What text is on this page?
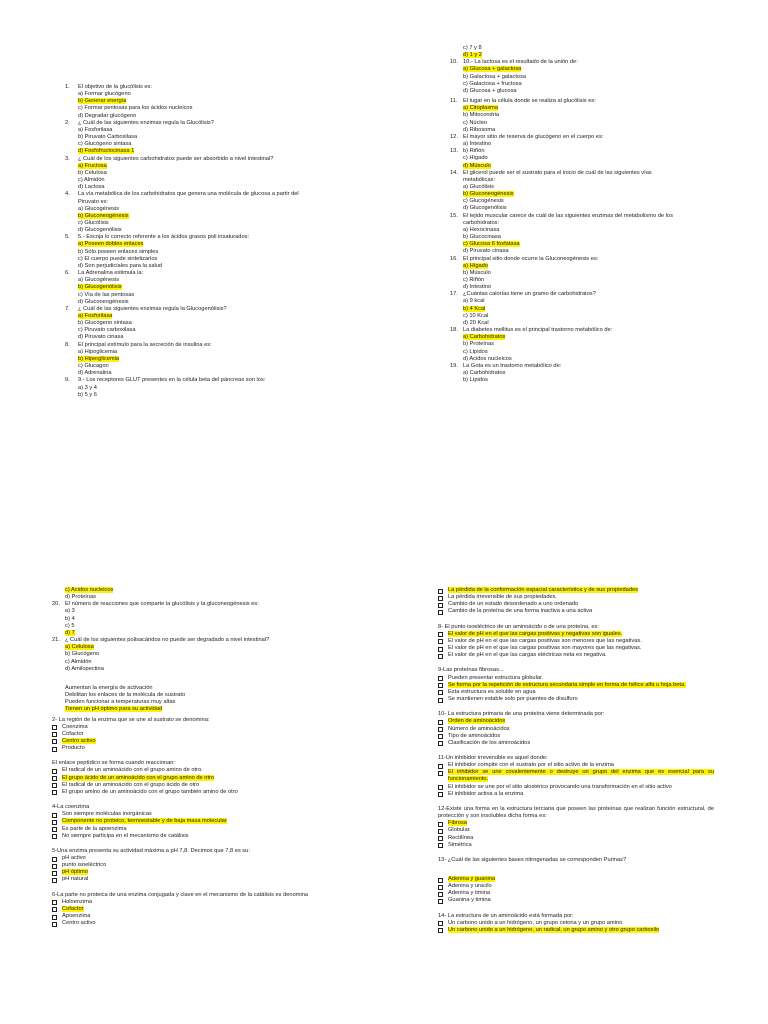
1. El objetivo de la glucólisis es:
a) Formar glucógeno
b) Generar energía
c) Formar pentosas para los ácidos nucleicos
d) Degradar glucógeno
2. ¿ Cuál de las siguientes enzimas regula la Glucólisis?
a) Fosforilasa
b) Piruvato Carboxilasa
c) Glucógeno sintasa
d) Fosfofructocinasa 1
3. ¿ Cuál de los siguientes carbohidratos puede ser absorbido a nivel intestinal?
a) Fructosa
b) Celulosa
c) Almidón
d) Lactosa
4. La vía metabólica de los carbohidratos que genera una molécula de glucosa a partir del
Piruvato es:
a) Glucogénesis
b) Gluconeogénesis
c) Glucólisis
d) Glucogenólisis
5. 5.- Escoja lo correcto referente a los ácidos grasos poli insaturados:
a) Poseen dobles enlaces
b) Sólo poseen enlaces simples
c) El cuerpo puede sintetizarlos
d) Son perjudiciales para la salud
6. La Adrenalina estimula la:
a) Glucogénesis
b) Glucogenólisis
c) Vía de las pentosas
d) Gluconeogénesis
7. ¿ Cuál de las siguientes enzimas regula la Glucogenólisis?
a) Fosforilasa
b) Glucógeno sintasa
c) Piruvato carboxilasa
d) Piruvato cinasa
8. El principal estímulo para la secreción de insulina es:
a) Hipoglicemia
b) Hiperglicemia
c) Glucagon
d) Adrenalina
9. 9.- Los receptores GLUT presentes en la célula beta del páncreas son los:
a) 3 y 4
b) 5 y 6
c) 7 y 8
d) 1 y 2
10. 10.- La lactosa es el resultado de la unión de:
a) Glucosa + galactosa
b) Galactosa + galactosa
c) Galactosa + fructosa
d) Glucosa + glucosa
11. El lugar en la célula donde se realiza al glucólisis es:
a) Citoplasma
b) Mitocondria
c) Núcleo
d) Ribosoma
12. El mayor sitio de reserva de glucógeno en el cuerpo es:
a) Intestino
13. b) Riñón
c) Hígado
d) Músculo
14. El glicerol puede ser el sustrato para el inicio de cuál de las siguientes vías
metabólicas:
a) Glucólisis
b) Gluconeogénesis
c) Glucogénesis
d) Glucogenólisis
15. El tejido muscular carece de cuál de las siguientes enzimas del metabolismo de los
carbohidratos:
a) Hexocinasa
b) Glucocinasa
c) Glucosa 6 fosfatasa
d) Piruvato cinasa
16. El principal sitio donde ocurre la Gluconeogénesis es:
a) Hígado
b) Músculo
c) Riñón
d) Intestino
17. ¿Cuántas calorías tiene un gramo de carbohidratos?
a) 9 kcal
b) 4 Kcal
c) 10 Kcal
d) 20 Kcal
18. La diabetes mellitus es el principal trastorno metabólico de:
a) Carbohidratos
b) Proteínas
c) Lípidos
d) Acidos nucleicos
19. La Gota es un trastorno metabólico de:
a) Carbohidratos
b) Lípidos
c) Acidos nucleicos
d) Proteínas
20. El número de reacciones que comparte la glucólisis y la gluconeogénesis es:
a) 3
b) 4
c) 5
d) 7
21. ¿ Cuál de los siguientes polisacáridos no puede ser degradado a nivel intestinal?
a) Celulosa
b) Glucógeno
c) Almidón
d) Amilopectina
Aumentan la energía de activación
Debilitan los enlaces de la molécula de sustrato
Pueden funcionar a temperaturas muy altas
Tienen un pH óptimo para su actividad
2- La región de la enzima que se une al sustrato se denomina:
Coenzima
Cofactor
Centro activo
Producto
El enlace peptídico se forma cuando reaccionan:
El radical de un aminoácido con el grupo amino de otro.
El grupo ácido de un aminoácido con el grupo amino de otro
El radical de un aminoácido con el grupo ácido de otro
El grupo amino de un aminoácido con el grupo también amino de otro
4-La coenzima
Son siempre moléculas inorgánicas
Componente no proteico, termoestable y de baja masa molecular
Es parte de la apoenzima
No siempre participa en el mecanismo de catálisis
5-Una enzima presenta su actividad máxima a pH 7,8. Decimos que 7,8 es su:
pH activo
punto isoeléctrico
pH óptimo
pH natural
6-La parte no proteica de una enzima conjugada y clave en el mecanismo de la catálisis es denomina
Holoenzima
Cofactor
Apoenzima
Centro activo
La pérdida de la conformación espacial característica y de sus propiedades
La pérdida irreversible de sus propiedades.
Cambio de un estado desordenado a uno ordenado
Cambio de la proteína de una forma inactiva a una activa
8- El punto isoeléctrico de un aminoácido o de una proteína, es:
El valor de pH en el que las cargas positivas y negativas son iguales.
El valor de pH en el que las cargas positivas son menores que las negativas.
El valor de pH en el que las cargas positivas son mayores que las negativas.
El valor de pH en el que las cargas eléctricas neta es negativa.
9-Las proteínas fibrosas...
Pueden presentar estructura globular.
Se forma por la repetición de estructura secundaria simple en forma de hélice alfa u hoja beta.
Esta estructura es soluble en agua
Se mantienen estable solo por puentes de disulfuro
10- La estructura primaria de una proteína viene determinada por:
Orden de aminoácidos
Número de aminoácidos
Tipo de aminoácidos
Clasificación de los aminoácidos
11-Un inhibidor irreversible es aquel donde:
El inhibidor compite con el sustrato por el sitio activo de la enzima
El inhibidor se une covalentemente o destruye un grupo del enzima que es esencial para su funcionamiento.
El inhibidor se une por el sitio alostérico provocando una transformación en el sitio activo
El inhibidor activa a la enzima
12-Existe una forma en la estructura terciaria que poseen las proteínas que realizan función estructural, de protección y son insolubles dicha forma es:
Fibrosa
Globular.
Rectilínea
Simétrica
13- ¿Cuál de las siguientes bases nitrogenadas se corresponden Purinas?
Adenina y guanina
Adenina y uracilo
Adenina y timina
Guanina y timina
14- La estructura de un aminoácido está formada por:
Un carbono unido a un hidrógeno, un grupo cetona y un grupo amino
Un carbono unido a un hidrógeno, un radical, un grupo amino y otro grupo carboxilo
